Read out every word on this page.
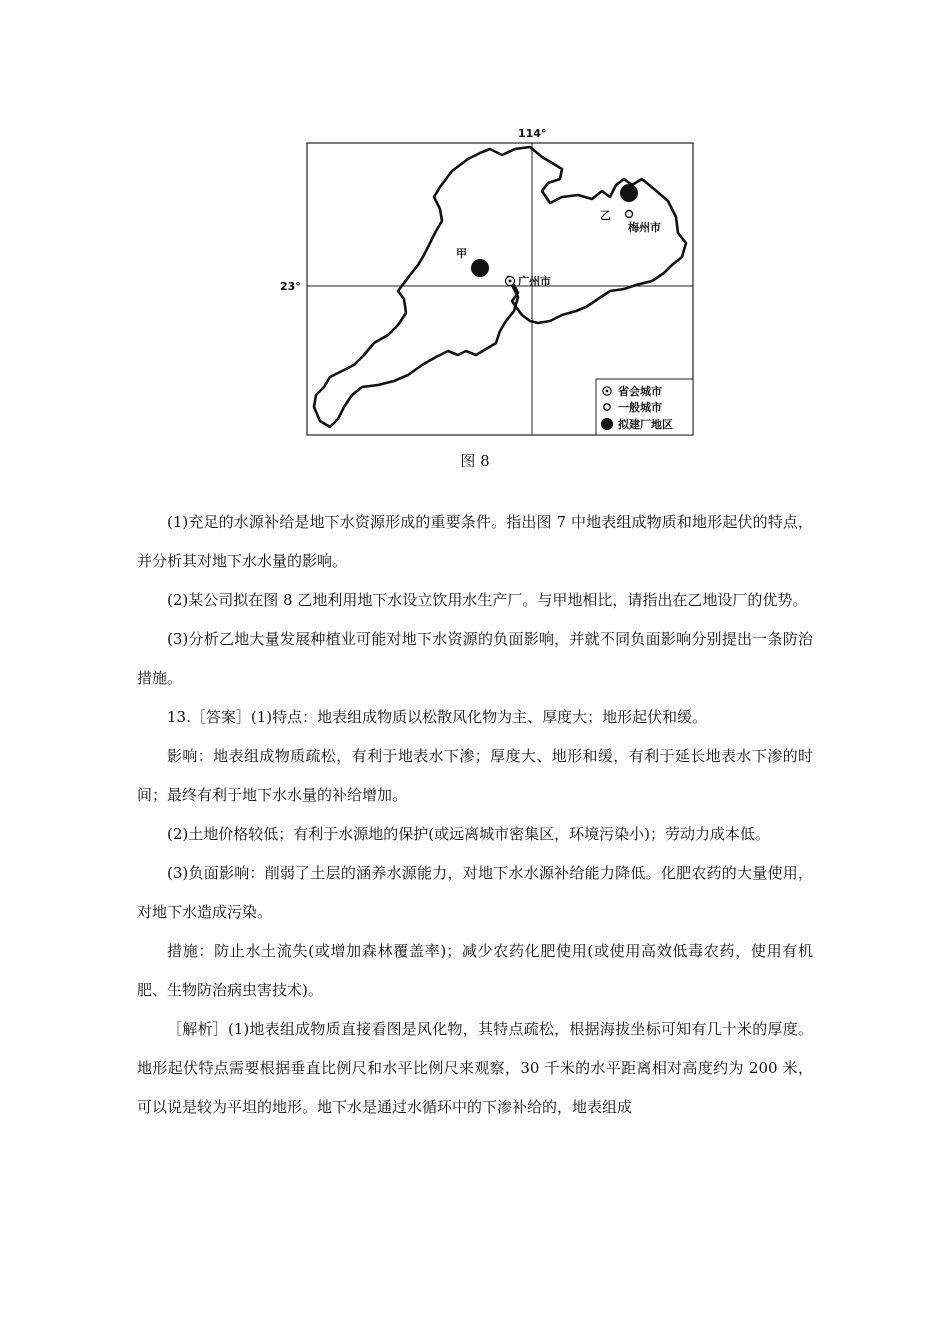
114°
23°
甲
广州市
乙
梅州市
省会城市
一般城市
拟建厂地区
图 8

(1)充足的水源补给是地下水资源形成的重要条件。指出图 7 中地表组成物质和地形起伏的特点，并分析其对地下水水量的影响。

(2)某公司拟在图 8 乙地利用地下水设立饮用水生产厂。与甲地相比，请指出在乙地设厂的优势。

(3)分析乙地大量发展种植业可能对地下水资源的负面影响，并就不同负面影响分别提出一条防治措施。

13.［答案］(1)特点：地表组成物质以松散风化物为主、厚度大；地形起伏和缓。

影响：地表组成物质疏松，有利于地表水下渗；厚度大、地形和缓，有利于延长地表水下渗的时间；最终有利于地下水水量的补给增加。

(2)土地价格较低；有利于水源地的保护(或远离城市密集区，环境污染小)；劳动力成本低。

(3)负面影响：削弱了土层的涵养水源能力，对地下水水源补给能力降低。化肥农药的大量使用，对地下水造成污染。

措施：防止水土流失(或增加森林覆盖率)；减少农药化肥使用(或使用高效低毒农药，使用有机肥、生物防治病虫害技术)。

［解析］(1)地表组成物质直接看图是风化物，其特点疏松，根据海拔坐标可知有几十米的厚度。地形起伏特点需要根据垂直比例尺和水平比例尺来观察，30 千米的水平距离相对高度约为 200 米，可以说是较为平坦的地形。地下水是通过水循环中的下渗补给的，地表组成
